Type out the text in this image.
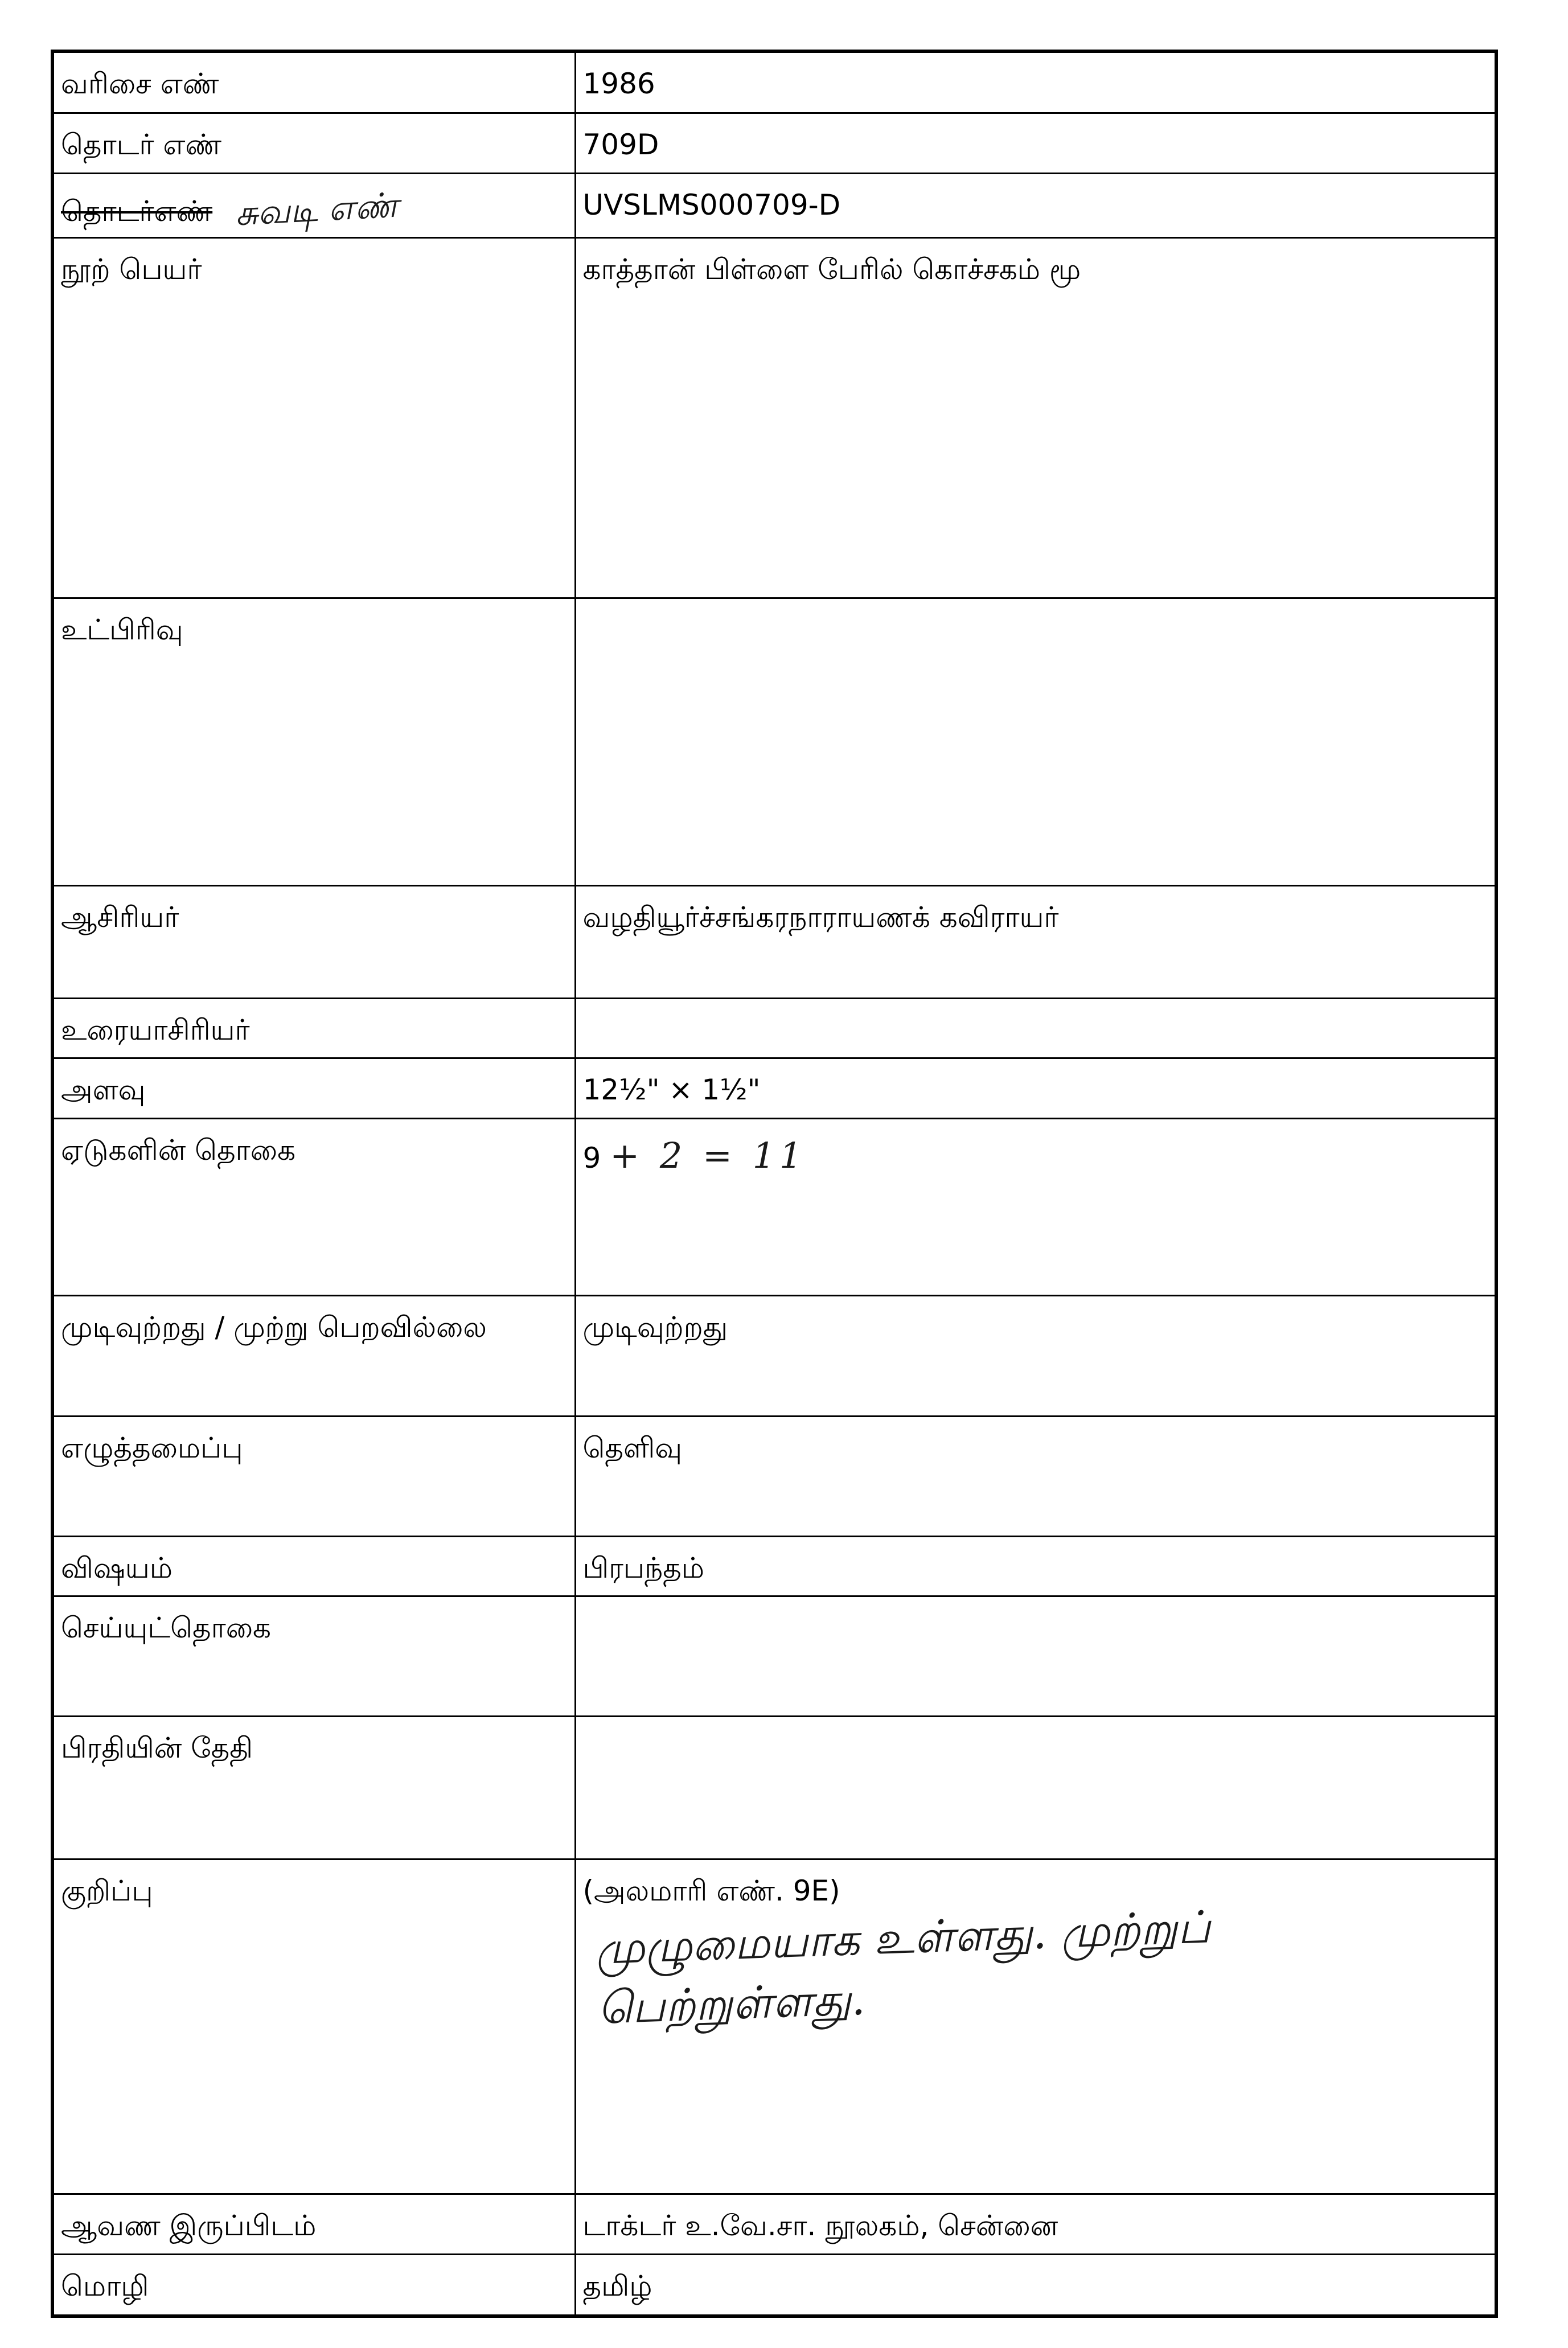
வரிசை எண்	1986
தொடர் எண்	709D
தொடர்எண் சுவடி எண்	UVSLMS000709-D
நூற் பெயர்	காத்தான் பிள்ளை பேரில் கொச்சகம் மூ
உட்பிரிவு	
ஆசிரியர்	வழதியூர்ச்சங்கரநாராயணக் கவிராயர்
உரையாசிரியர்	
அளவு	12½" × 1½"
ஏடுகளின் தொகை	9 + 2 = 11
முடிவுற்றது / முற்று பெறவில்லை	முடிவுற்றது
எழுத்தமைப்பு	தெளிவு
விஷயம்	பிரபந்தம்
செய்யுட்தொகை	
பிரதியின் தேதி	
குறிப்பு	(அலமாரி எண். 9E)
முழுமையாக உள்ளது. முற்றுப் பெற்றுள்ளது.

ஆவண இருப்பிடம்	டாக்டர் உ.வே.சா. நூலகம், சென்னை
மொழி	தமிழ்
